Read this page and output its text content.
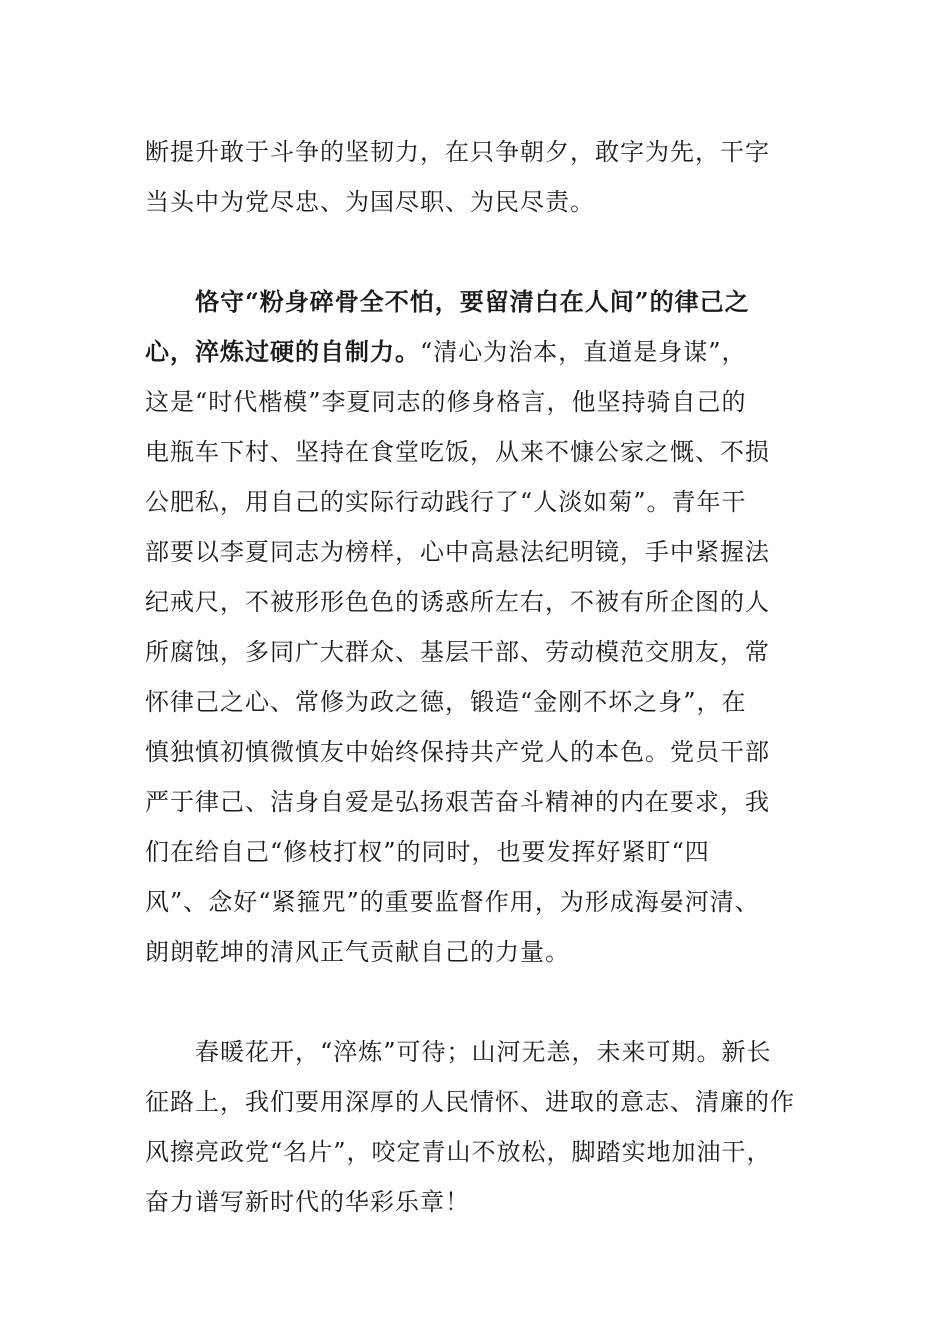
断提升敢于斗争的坚韧力，在只争朝夕，敢字为先，干字
当头中为党尽忠、为国尽职、为民尽责。
恪守“粉身碎骨全不怕，要留清白在人间”的律己之
心，淬炼过硬的自制力。“清心为治本，直道是身谋”，
这是“时代楷模”李夏同志的修身格言，他坚持骑自己的
电瓶车下村、坚持在食堂吃饭，从来不慷公家之慨、不损
公肥私，用自己的实际行动践行了“人淡如菊”。青年干
部要以李夏同志为榜样，心中高悬法纪明镜，手中紧握法
纪戒尺，不被形形色色的诱惑所左右，不被有所企图的人
所腐蚀，多同广大群众、基层干部、劳动模范交朋友，常
怀律己之心、常修为政之德，锻造“金刚不坏之身”，在
慎独慎初慎微慎友中始终保持共产党人的本色。党员干部
严于律己、洁身自爱是弘扬艰苦奋斗精神的内在要求，我
们在给自己“修枝打杈”的同时，也要发挥好紧盯“四
风”、念好“紧箍咒”的重要监督作用，为形成海晏河清、
朗朗乾坤的清风正气贡献自己的力量。
春暖花开，“淬炼”可待；山河无恙，未来可期。新长
征路上，我们要用深厚的人民情怀、进取的意志、清廉的作
风擦亮政党“名片”，咬定青山不放松，脚踏实地加油干，
奋力谱写新时代的华彩乐章！
